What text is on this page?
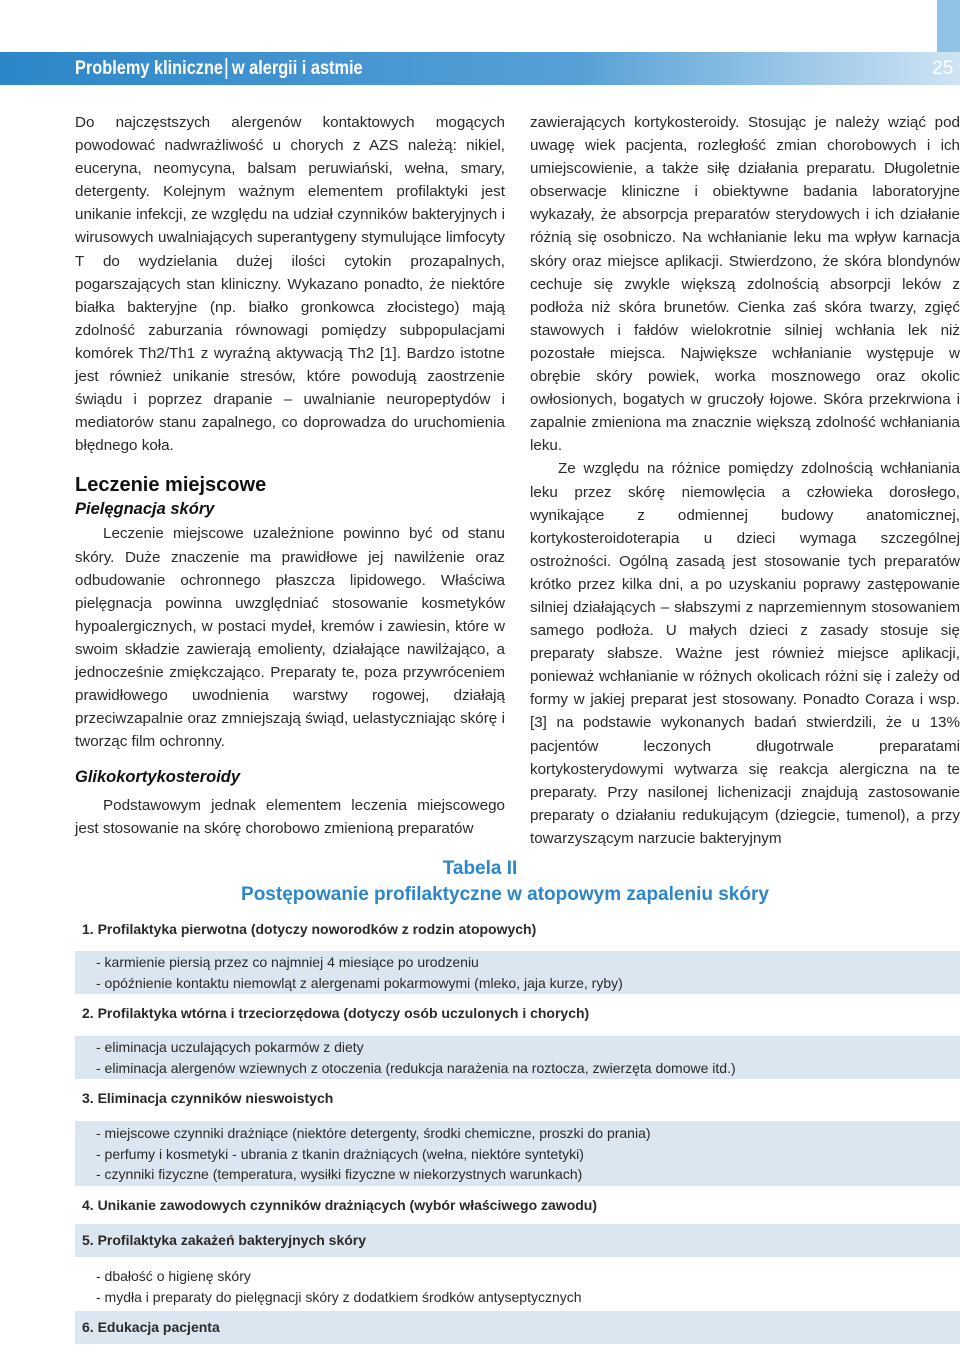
Problemy kliniczne w alergii i astmie	25

Do najczęstszych alergenów kontaktowych mogących powodować nadwrażliwość u chorych z AZS należą: nikiel, euceryna, neomycyna, balsam peruwiański, wełna, smary, detergenty. Kolejnym ważnym elementem profilaktyki jest unikanie infekcji, ze względu na udział czynników bakteryjnych i wirusowych uwalniających superantygeny stymulujące limfocyty T do wydzielania dużej ilości cytokin prozapalnych, pogarszających stan kliniczny. Wykazano ponadto, że niektóre białka bakteryjne (np. białko gronkowca złocistego) mają zdolność zaburzania równowagi pomiędzy subpopulacjami komórek Th2/Th1 z wyraźną aktywacją Th2 [1]. Bardzo istotne jest również unikanie stresów, które powodują zaostrzenie świądu i poprzez drapanie – uwalnianie neuropeptydów i mediatorów stanu zapalnego, co doprowadza do uruchomienia błędnego koła.

Leczenie miejscowe
Pielęgnacja skóry

Leczenie miejscowe uzależnione powinno być od stanu skóry. Duże znaczenie ma prawidłowe jej nawilżenie oraz odbudowanie ochronnego płaszcza lipidowego. Właściwa pielęgnacja powinna uwzględniać stosowanie kosmetyków hypoalergicznych, w postaci mydeł, kremów i zawiesin, które w swoim składzie zawierają emolienty, działające nawilżająco, a jednocześnie zmiękczająco. Preparaty te, poza przywróceniem prawidłowego uwodnienia warstwy rogowej, działają przeciwzapalnie oraz zmniejszają świąd, uelastyczniając skórę i tworząc film ochronny.

Glikokortykosteroidy

Podstawowym jednak elementem leczenia miejscowego jest stosowanie na skórę chorobowo zmienioną preparatów

zawierających kortykosteroidy. Stosując je należy wziąć pod uwagę wiek pacjenta, rozległość zmian chorobowych i ich umiejscowienie, a także siłę działania preparatu. Długoletnie obserwacje kliniczne i obiektywne badania laboratoryjne wykazały, że absorpcja preparatów sterydowych i ich działanie różnią się osobniczo. Na wchłanianie leku ma wpływ karnacja skóry oraz miejsce aplikacji. Stwierdzono, że skóra blondynów cechuje się zwykle większą zdolnością absorpcji leków z podłoża niż skóra brunetów. Cienka zaś skóra twarzy, zgięć stawowych i fałdów wielokrotnie silniej wchłania lek niż pozostałe miejsca. Największe wchłanianie występuje w obrębie skóry powiek, worka mosznowego oraz okolic owłosionych, bogatych w gruczoły łojowe. Skóra przekrwiona i zapalnie zmieniona ma znacznie większą zdolność wchłaniania leku.

Ze względu na różnice pomiędzy zdolnością wchłaniania leku przez skórę niemowlęcia a człowieka dorosłego, wynikające z odmiennej budowy anatomicznej, kortykosteroidoterapia u dzieci wymaga szczególnej ostrożności. Ogólną zasadą jest stosowanie tych preparatów krótko przez kilka dni, a po uzyskaniu poprawy zastępowanie silniej działających – słabszymi z naprzemiennym stosowaniem samego podłoża. U małych dzieci z zasady stosuje się preparaty słabsze. Ważne jest również miejsce aplikacji, ponieważ wchłanianie w różnych okolicach różni się i zależy od formy w jakiej preparat jest stosowany. Ponadto Coraza i wsp. [3] na podstawie wykonanych badań stwierdzili, że u 13% pacjentów leczonych długotrwale preparatami kortykosterydowymi wytwarza się reakcja alergiczna na te preparaty. Przy nasilonej lichenizacji znajdują zastosowanie preparaty o działaniu redukującym (dziegcie, tumenol), a przy towarzyszącym narzucie bakteryjnym

Tabela II
Postępowanie profilaktyczne w atopowym zapaleniu skóry
1. Profilaktyka pierwotna (dotyczy noworodków z rodzin atopowych)
- karmienie piersią przez co najmniej 4 miesiące po urodzeniu
- opóźnienie kontaktu niemowląt z alergenami pokarmowymi (mleko, jaja kurze, ryby)
2. Profilaktyka wtórna i trzeciorzędowa (dotyczy osób uczulonych i chorych)
- eliminacja uczulających pokarmów z diety
- eliminacja alergenów wziewnych z otoczenia (redukcja narażenia na roztocza, zwierzęta domowe itd.)
3. Eliminacja czynników nieswoistych
- miejscowe czynniki drażniące (niektóre detergenty, środki chemiczne, proszki do prania)
- perfumy i kosmetyki - ubrania z tkanin drażniących (wełna, niektóre syntetyki)
- czynniki fizyczne (temperatura, wysiłki fizyczne w niekorzystnych warunkach)
4. Unikanie zawodowych czynników drażniących (wybór właściwego zawodu)
5. Profilaktyka zakażeń bakteryjnych skóry
- dbałość o higienę skóry
- mydła i preparaty do pielęgnacji skóry z dodatkiem środków antyseptycznych
6. Edukacja pacjenta
